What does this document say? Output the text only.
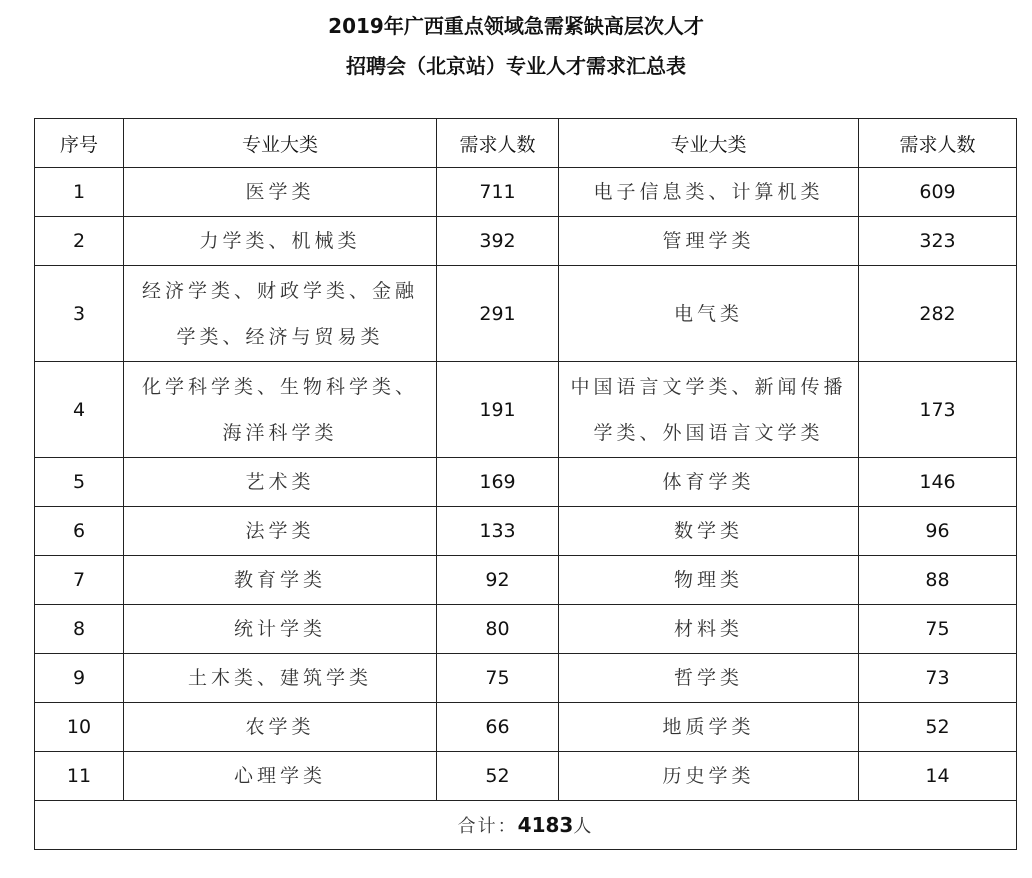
2019年广西重点领域急需紧缺高层次人才
招聘会（北京站）专业人才需求汇总表
序号	专业大类	需求人数	专业大类	需求人数
1	医学类	711	电子信息类、计算机类	609
2	力学类、机械类	392	管理学类	323
3	经济学类、财政学类、金融学类、经济与贸易类	291	电气类	282
4	化学科学类、生物科学类、海洋科学类	191	中国语言文学类、新闻传播学类、外国语言文学类	173
5	艺术类	169	体育学类	146
6	法学类	133	数学类	96
7	教育学类	92	物理类	88
8	统计学类	80	材料类	75
9	土木类、建筑学类	75	哲学类	73
10	农学类	66	地质学类	52
11	心理学类	52	历史学类	14
合计：4183人				
